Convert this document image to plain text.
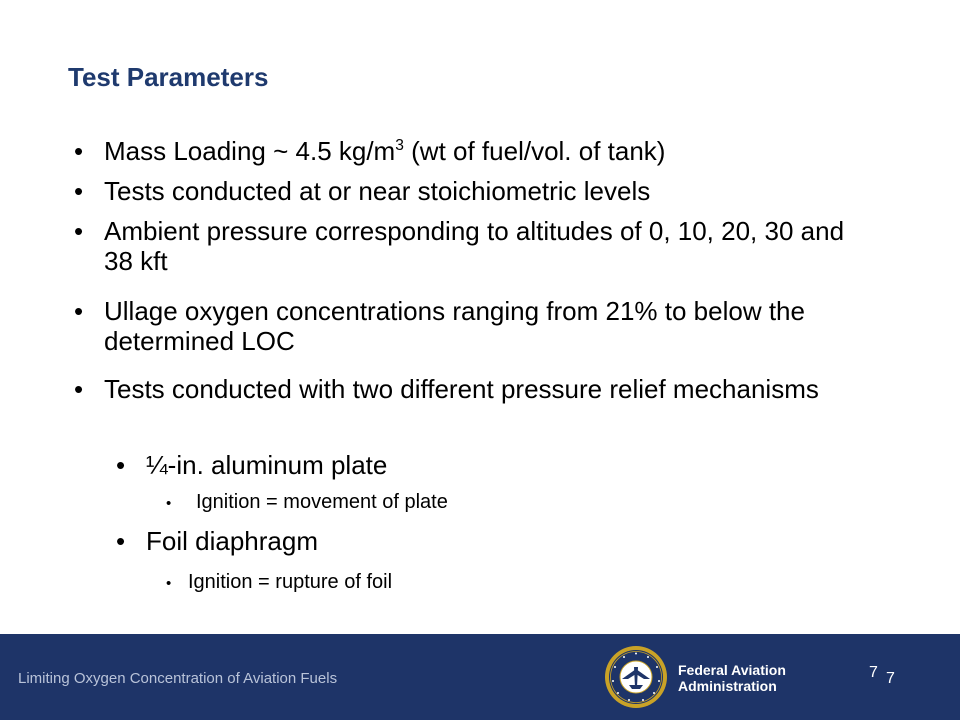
Test Parameters
• Mass Loading ~ 4.5 $kg/m^3$ (wt of fuel/vol. of tank)
• Tests conducted at or near stoichiometric levels
• Ambient pressure corresponding to altitudes of 0, 10, 20, 30 and 38 kft
• Ullage oxygen concentrations ranging from 21% to below the determined LOC
• Tests conducted with two different pressure relief mechanisms
• ¼-in. aluminum plate
• Ignition = movement of plate
• Foil diaphragm
• Ignition = rupture of foil
Limiting Oxygen Concentration of Aviation Fuels	Federal Aviation
Administration
7 7
